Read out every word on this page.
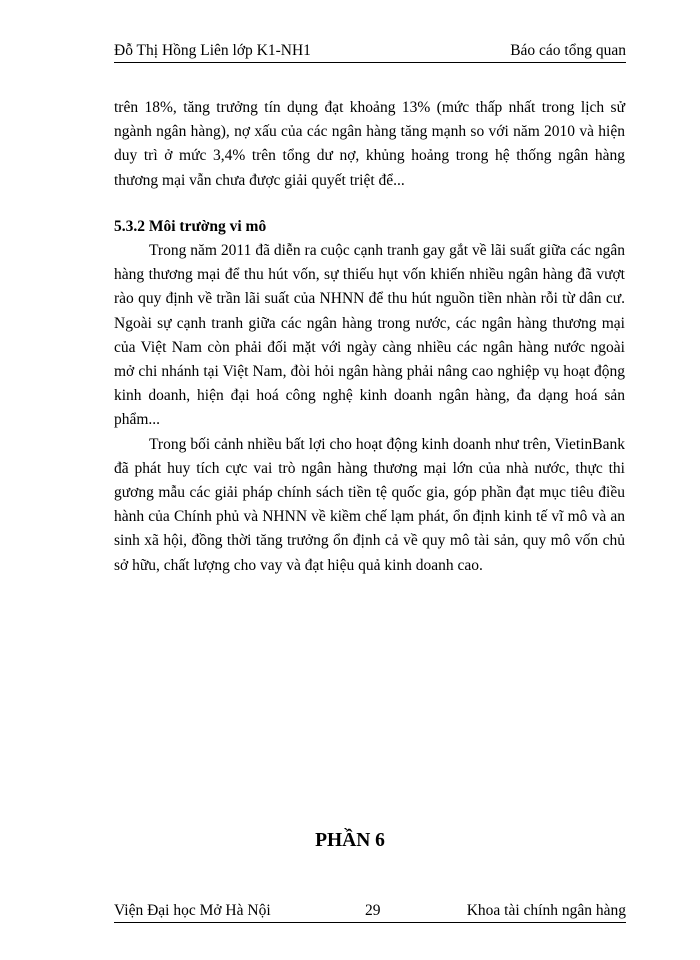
Đỗ Thị Hồng Liên lớp K1-NH1	Báo cáo tổng quan

trên 18%, tăng trưởng tín dụng đạt khoảng 13% (mức thấp nhất trong lịch sử ngành ngân hàng), nợ xấu của các ngân hàng tăng mạnh so với năm 2010 và hiện duy trì ở mức 3,4% trên tổng dư nợ, khủng hoảng trong hệ thống ngân hàng thương mại vẫn chưa được giải quyết triệt để...

5.3.2 Môi trường vi mô

Trong năm 2011 đã diễn ra cuộc cạnh tranh gay gắt về lãi suất giữa các ngân hàng thương mại để thu hút vốn, sự thiếu hụt vốn khiến nhiều ngân hàng đã vượt rào quy định về trần lãi suất của NHNN để thu hút nguồn tiền nhàn rỗi từ dân cư. Ngoài sự cạnh tranh giữa các ngân hàng trong nước, các ngân hàng thương mại của Việt Nam còn phải đối mặt với ngày càng nhiều các ngân hàng nước ngoài mở chi nhánh tại Việt Nam, đòi hỏi ngân hàng phải nâng cao nghiệp vụ hoạt động kinh doanh, hiện đại hoá công nghệ kinh doanh ngân hàng, đa dạng hoá sản phẩm...

Trong bối cảnh nhiều bất lợi cho hoạt động kinh doanh như trên, VietinBank đã phát huy tích cực vai trò ngân hàng thương mại lớn của nhà nước, thực thi gương mẫu các giải pháp chính sách tiền tệ quốc gia, góp phần đạt mục tiêu điều hành của Chính phủ và NHNN về kiềm chế lạm phát, ổn định kinh tế vĩ mô và an sinh xã hội, đồng thời tăng trưởng ổn định cả về quy mô tài sản, quy mô vốn chủ sở hữu, chất lượng cho vay và đạt hiệu quả kinh doanh cao.

PHẦN 6
Viện Đại học Mở Hà Nội	29	Khoa tài chính ngân hàng
